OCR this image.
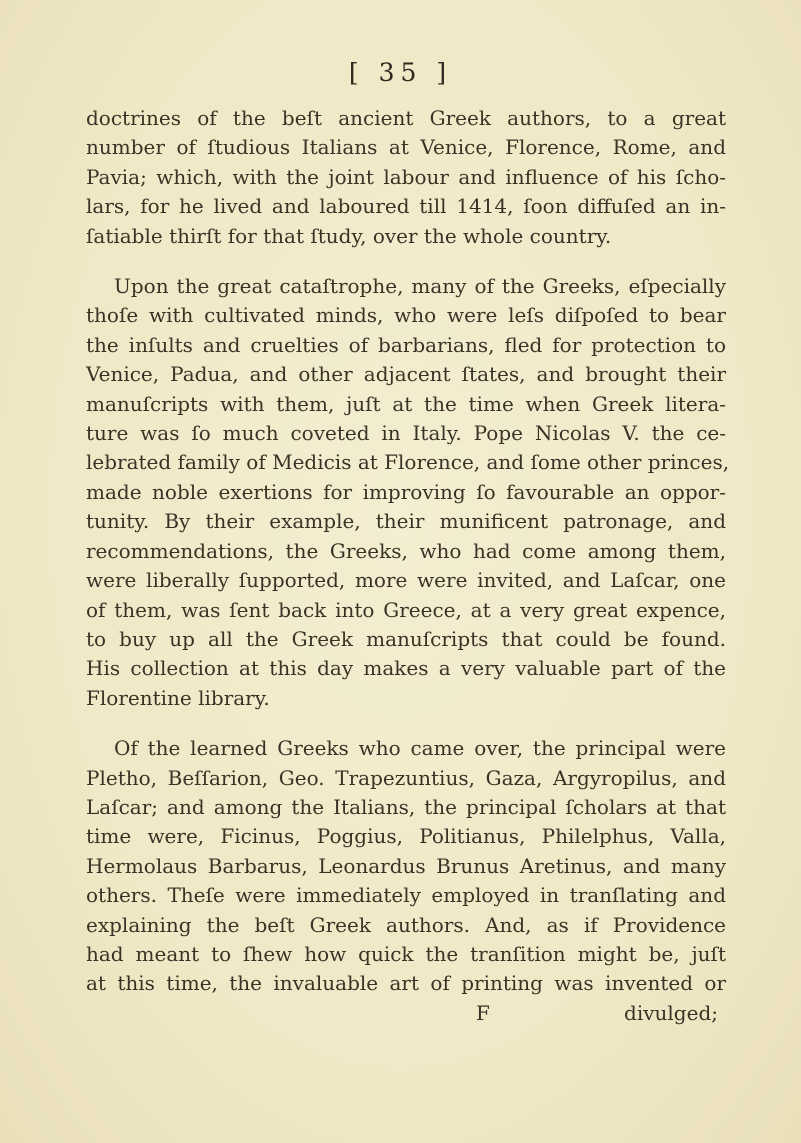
[ 35 ]
doctrines of the beſt ancient Greek authors, to a great
number of ſtudious Italians at Venice, Florence, Rome, and
Pavia; which, with the joint labour and influence of his ſcho-
lars, for he lived and laboured till 1414, ſoon diffuſed an in-
ſatiable thirſt for that ſtudy, over the whole country.
Upon the great cataſtrophe, many of the Greeks, eſpecially
thoſe with cultivated minds, who were leſs diſpoſed to bear
the inſults and cruelties of barbarians, fled for protection to
Venice, Padua, and other adjacent ſtates, and brought their
manuſcripts with them, juſt at the time when Greek litera-
ture was ſo much coveted in Italy. Pope Nicolas V. the ce-
lebrated family of Medicis at Florence, and ſome other princes,
made noble exertions for improving ſo favourable an oppor-
tunity. By their example, their munificent patronage, and
recommendations, the Greeks, who had come among them,
were liberally ſupported, more were invited, and Laſcar, one
of them, was ſent back into Greece, at a very great expence,
to buy up all the Greek manuſcripts that could be found.
His collection at this day makes a very valuable part of the
Florentine library.
Of the learned Greeks who came over, the principal were
Pletho, Beſſarion, Geo. Trapezuntius, Gaza, Argyropilus, and
Laſcar; and among the Italians, the principal ſcholars at that
time were, Ficinus, Poggius, Politianus, Philelphus, Valla,
Hermolaus Barbarus, Leonardus Brunus Aretinus, and many
others. Theſe were immediately employed in tranſlating and
explaining the beſt Greek authors. And, as if Providence
had meant to ſhew how quick the tranſition might be, juſt
at this time, the invaluable art of printing was invented or
F	divulged;
